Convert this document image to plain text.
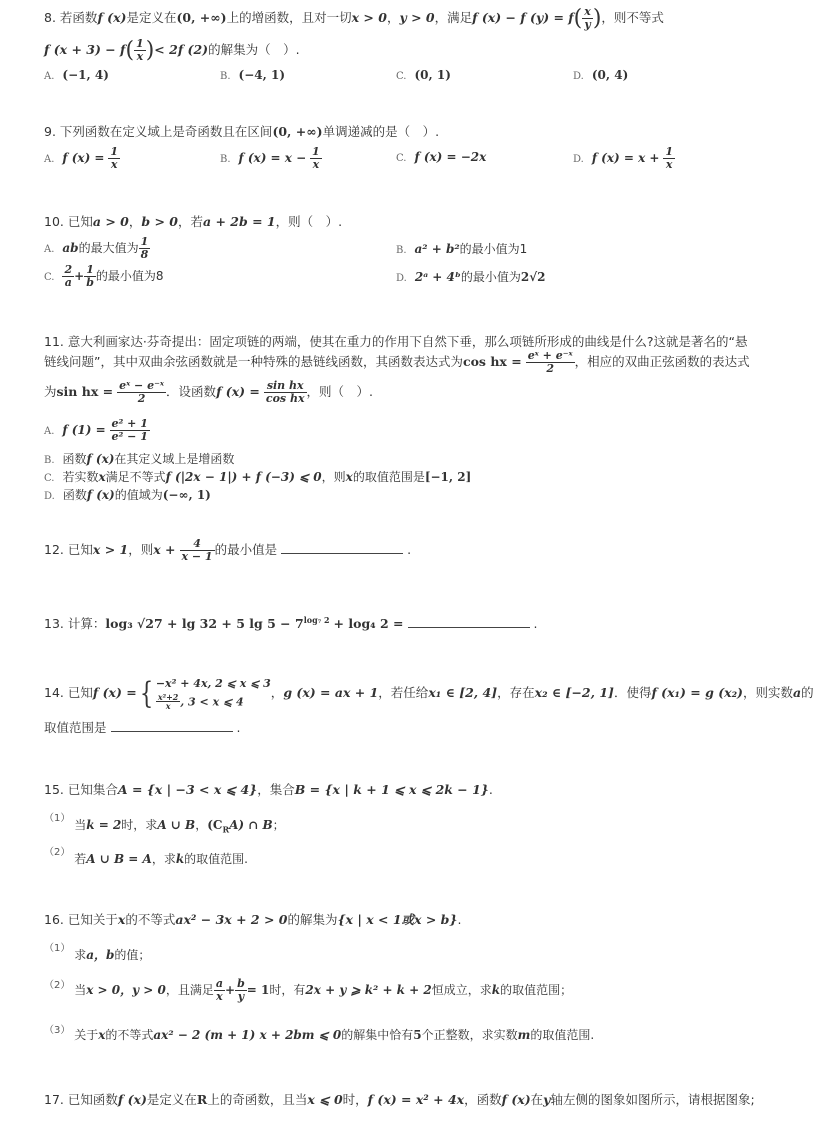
8. 若函数f (x)是定义在(0, +∞)上的增函数，且对一切x > 0，y > 0，满足f (x) − f $(y) = f( \frac{x}{y}$ )，则不等式
f $(x + 3) - f( \frac{1}{x}$ )< 2f (2)的解集为（　）.
A. (−1, 4)	B. (−4, 1)	C. (0, 1)	D. (0, 4)
9. 下列函数在定义域上是奇函数且在区间(0, +∞)单调递减的是（　）.
A. f $(x) = \frac{1}{x}$	B. f $(x) = x - \frac{1}{x}$	C. f (x) = −2x	D. f $(x) = x + \frac{1}{x}$
10. 已知a > 0，b > 0，若a + 2b = 1，则（　）.
A. ab的最大值为 $\frac{1}{8}$	B. a² + b²的最小值为1
C. $\frac{2}{a} + \frac{1}{b}$ 的最小值为8	D. 2ᵃ + 4ᵇ的最小值为2√2
11. 意大利画家达·芬奇提出：固定项链的两端，使其在重力的作用下自然下垂，那么项链所形成的曲线是什么?这就是著名的“悬
链线问题”，其中双曲余弦函数就是一种特殊的悬链线函数，其函数表达式为cos hx = $\frac{\text{eˣ + e⁻ˣ}}{2}$ ，相应的双曲正弦函数的表达式
为sin hx = $\frac{\text{eˣ − e⁻ˣ}}{2}$ ．设函数f $(x) = \frac{\text{sin hx}}{\text{cos hx}}$ ，则（　）.
A. f $(1) = \frac{\text{e² + 1}}{\text{e² − 1}}$
B. 函数f (x)在其定义域上是增函数
C. 若实数x满足不等式f (|2x − 1|) + f (−3) ⩽ 0，则x的取值范围是[−1, 2]
D. 函数f (x)的值域为(−∞, 1)
12. 已知x > 1，则$x + \frac{4}{x - 1}$ 的最小值是	.
13. 计算：log₃ √27 + lg 32 + 5 $\lg 5 - 7^{log_7 2} + \log_4$ 2 =	.
14. 已知f (x) ={ −x² + 4x, 2 ⩽ x ⩽ 3
$\frac{\text{x²+2}}{x}$ , 3 < x ⩽ 4
，g (x) = ax + 1，若任给x₁ ∈ [2, 4]，存在x₂ ∈ [−2, 1]．使得f (x₁) = g (x₂)，则实数a的
取值范围是	.
15. 已知集合A = {x | −3 < x ⩽ 4}，集合B = {x | k + 1 ⩽ x ⩽ 2k − 1}.
（1） 当k = 2时，求A ∪ B，$(C_RA)$ ∩ B；
（2） 若A ∪ B = A，求k的取值范围.
16. 已知关于x的不等式ax² − 3x + 2 > 0的解集为{x | x < 1或x > b}.
（1） 求a，b的值；
（2） 当x > 0，y > 0，且满足 $\frac{a}{x} + \frac{b}{y} = 1$时，有2x + y ⩾ k² + k + 2恒成立，求k的取值范围；
（3） 关于x的不等式ax² − 2 (m + 1) x + 2bm ⩽ 0的解集中恰有5个正整数，求实数m的取值范围.
17. 已知函数f (x)是定义在R上的奇函数，且当x ⩽ 0时，f (x) = x² + 4x，函数f (x)在y轴左侧的图象如图所示，请根据图象;
